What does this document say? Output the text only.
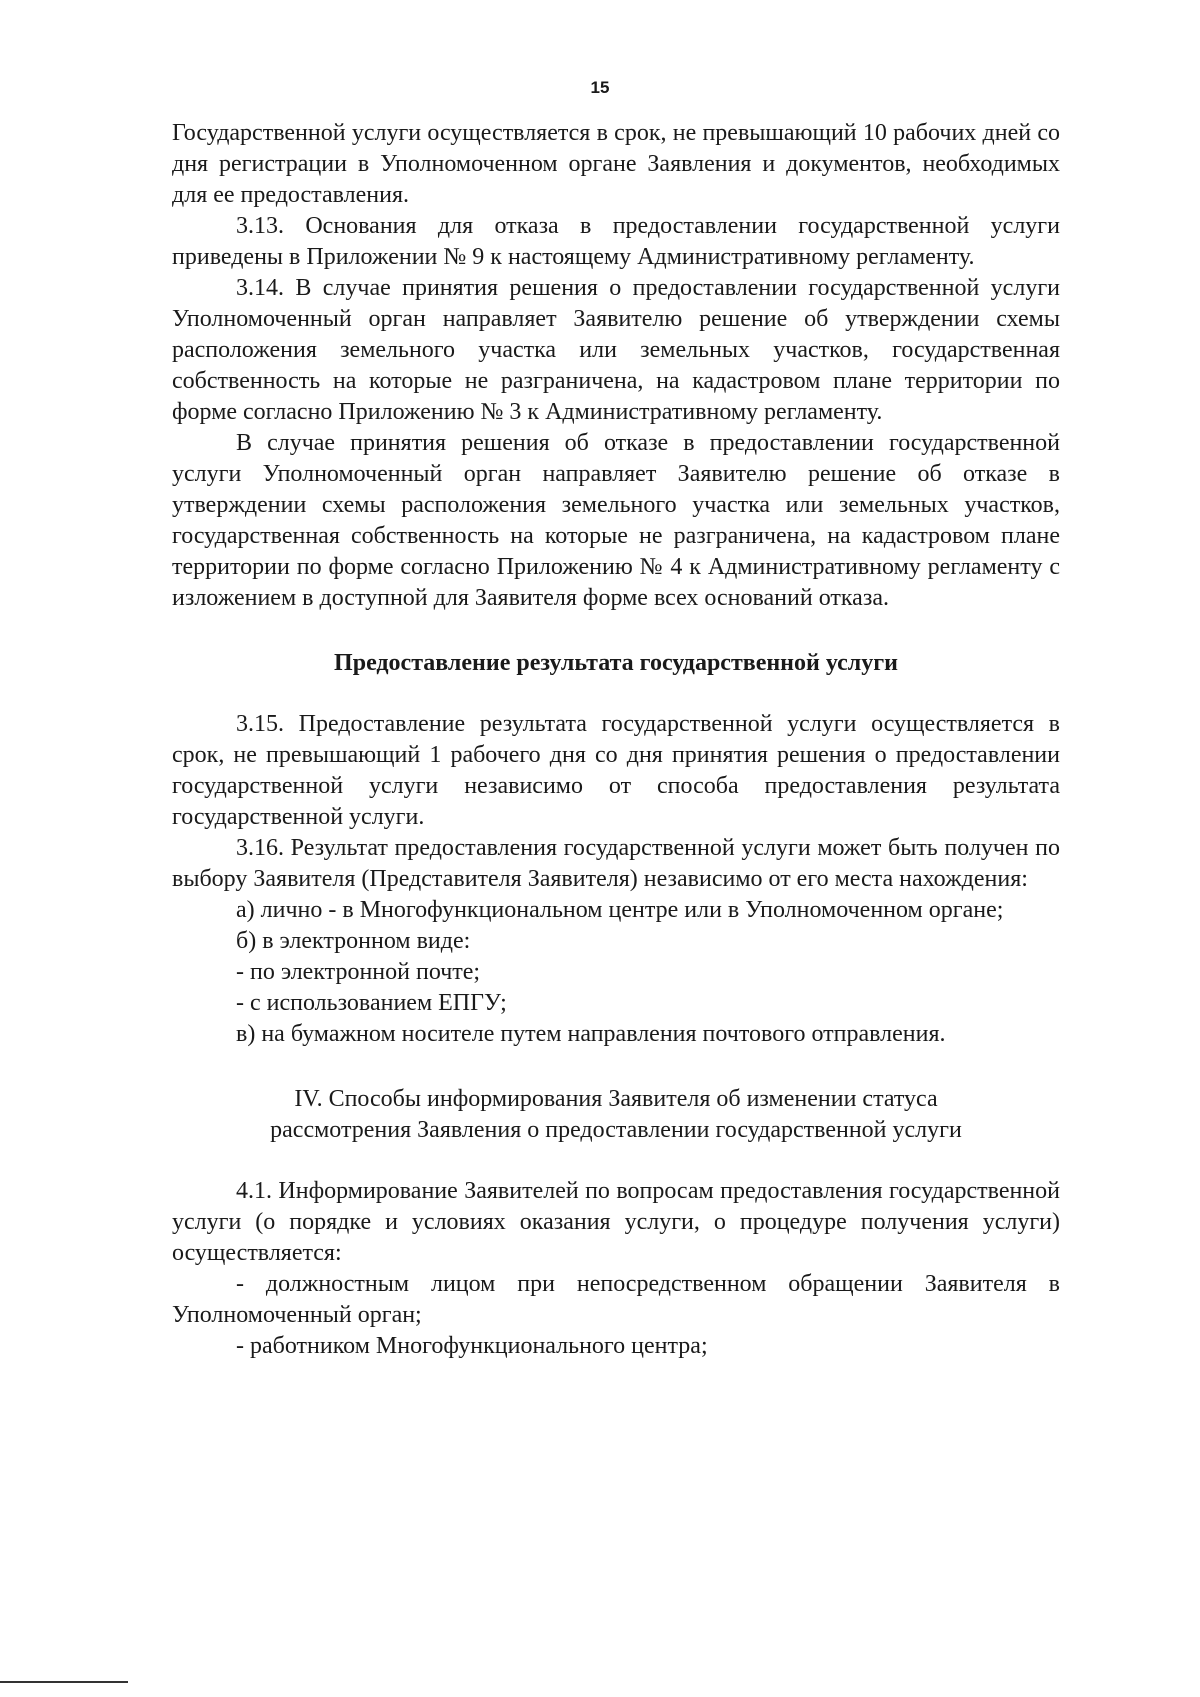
15

Государственной услуги осуществляется в срок, не превышающий 10 рабочих дней со дня регистрации в Уполномоченном органе Заявления и документов, необходимых для ее предоставления.

3.13. Основания для отказа в предоставлении государственной услуги приведены в Приложении № 9 к настоящему Административному регламенту.

3.14. В случае принятия решения о предоставлении государственной услуги Уполномоченный орган направляет Заявителю решение об утверждении схемы расположения земельного участка или земельных участков, государственная собственность на которые не разграничена, на кадастровом плане территории по форме согласно Приложению № 3 к Административному регламенту.

В случае принятия решения об отказе в предоставлении государственной услуги Уполномоченный орган направляет Заявителю решение об отказе в утверждении схемы расположения земельного участка или земельных участков, государственная собственность на которые не разграничена, на кадастровом плане территории по форме согласно Приложению № 4 к Административному регламенту с изложением в доступной для Заявителя форме всех оснований отказа.

Предоставление результата государственной услуги

3.15. Предоставление результата государственной услуги осуществляется в срок, не превышающий 1 рабочего дня со дня принятия решения о предоставлении государственной услуги независимо от способа предоставления результата государственной услуги.

3.16. Результат предоставления государственной услуги может быть получен по выбору Заявителя (Представителя Заявителя) независимо от его места нахождения:

а) лично - в Многофункциональном центре или в Уполномоченном органе;

б) в электронном виде:

- по электронной почте;

- с использованием ЕПГУ;

в) на бумажном носителе путем направления почтового отправления.

IV. Способы информирования Заявителя об изменении статуса
рассмотрения Заявления о предоставлении государственной услуги

4.1. Информирование Заявителей по вопросам предоставления государственной услуги (о порядке и условиях оказания услуги, о процедуре получения услуги) осуществляется:

- должностным лицом при непосредственном обращении Заявителя в Уполномоченный орган;

- работником Многофункционального центра;
